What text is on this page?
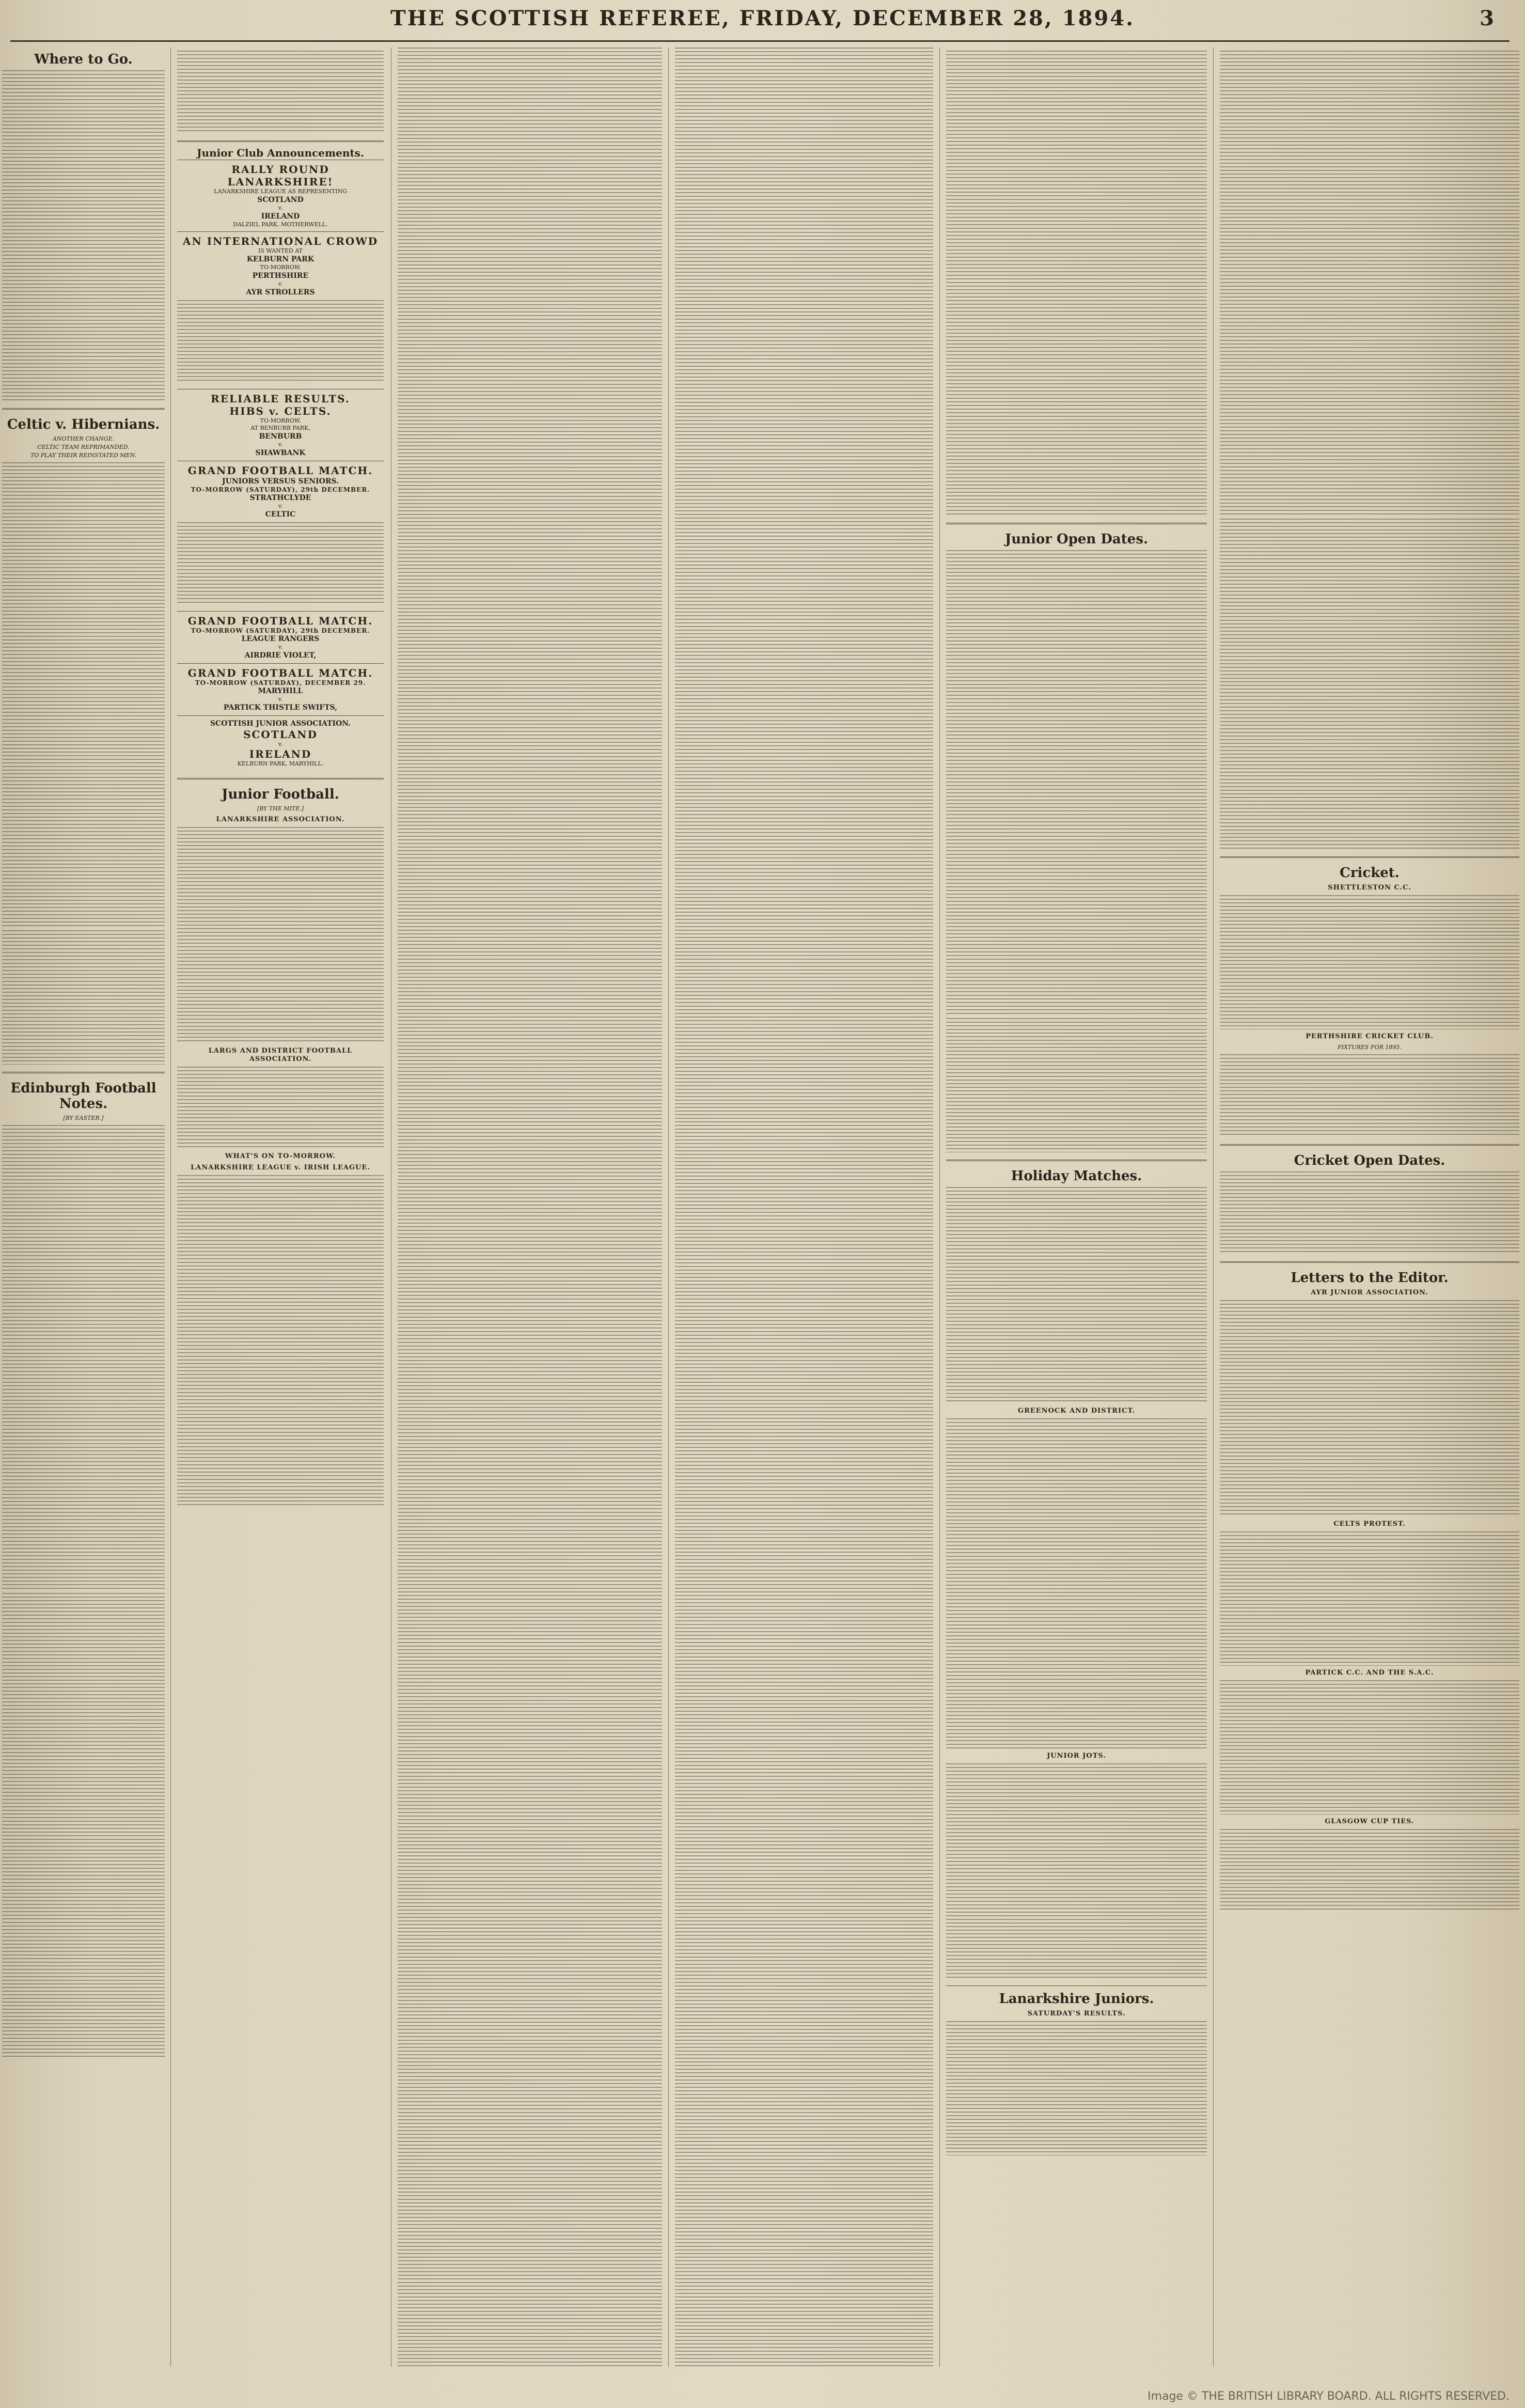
THE SCOTTISH REFEREE, FRIDAY, DECEMBER 28, 1894.	3
Where to Go.
Celtic v. Hibernians.
ANOTHER CHANGE.
CELTIC TEAM REPRIMANDED.
TO PLAY THEIR REINSTATED MEN.
Edinburgh Football Notes.
[BY EASTER.]
Junior Club Announcements.
RALLY ROUND LANARKSHIRE!
LANARKSHIRE LEAGUE AS REPRESENTING
SCOTLAND
v.
IRELAND
DALZIEL PARK, MOTHERWELL.
AN INTERNATIONAL CROWD
IS WANTED AT
KELBURN PARK
TO-MORROW.
PERTHSHIRE
v.
AYR STROLLERS
RELIABLE RESULTS.
HIBS v. CELTS.
TO-MORROW.
AT BENBURB PARK,
BENBURB
v.
SHAWBANK
GRAND FOOTBALL MATCH.
JUNIORS VERSUS SENIORS.
TO-MORROW (SATURDAY), 29th DECEMBER.
STRATHCLYDE
v.
CELTIC
GRAND FOOTBALL MATCH.
TO-MORROW (SATURDAY), 29th DECEMBER.
LEAGUE RANGERS
v.
AIRDRIE VIOLET,
GRAND FOOTBALL MATCH.
TO-MORROW (SATURDAY), DECEMBER 29.
MARYHILL
v.
PARTICK THISTLE SWIFTS,
SCOTTISH JUNIOR ASSOCIATION.
SCOTLAND
v.
IRELAND
KELBURN PARK, MARYHILL.
Junior Football.
[BY THE MITE.]
LANARKSHIRE ASSOCIATION.
LARGS AND DISTRICT FOOTBALL ASSOCIATION.
WHAT'S ON TO-MORROW.
LANARKSHIRE LEAGUE v. IRISH LEAGUE.
Junior Open Dates.
Holiday Matches.
GREENOCK AND DISTRICT.
JUNIOR JOTS.
Lanarkshire Juniors.
SATURDAY'S RESULTS.
Cricket.
SHETTLESTON C.C.
PERTHSHIRE CRICKET CLUB.
FIXTURES FOR 1895.
Cricket Open Dates.
Letters to the Editor.
AYR JUNIOR ASSOCIATION.
CELTS PROTEST.
PARTICK C.C. AND THE S.A.C.
GLASGOW CUP TIES.
Image © THE BRITISH LIBRARY BOARD. ALL RIGHTS RESERVED.
